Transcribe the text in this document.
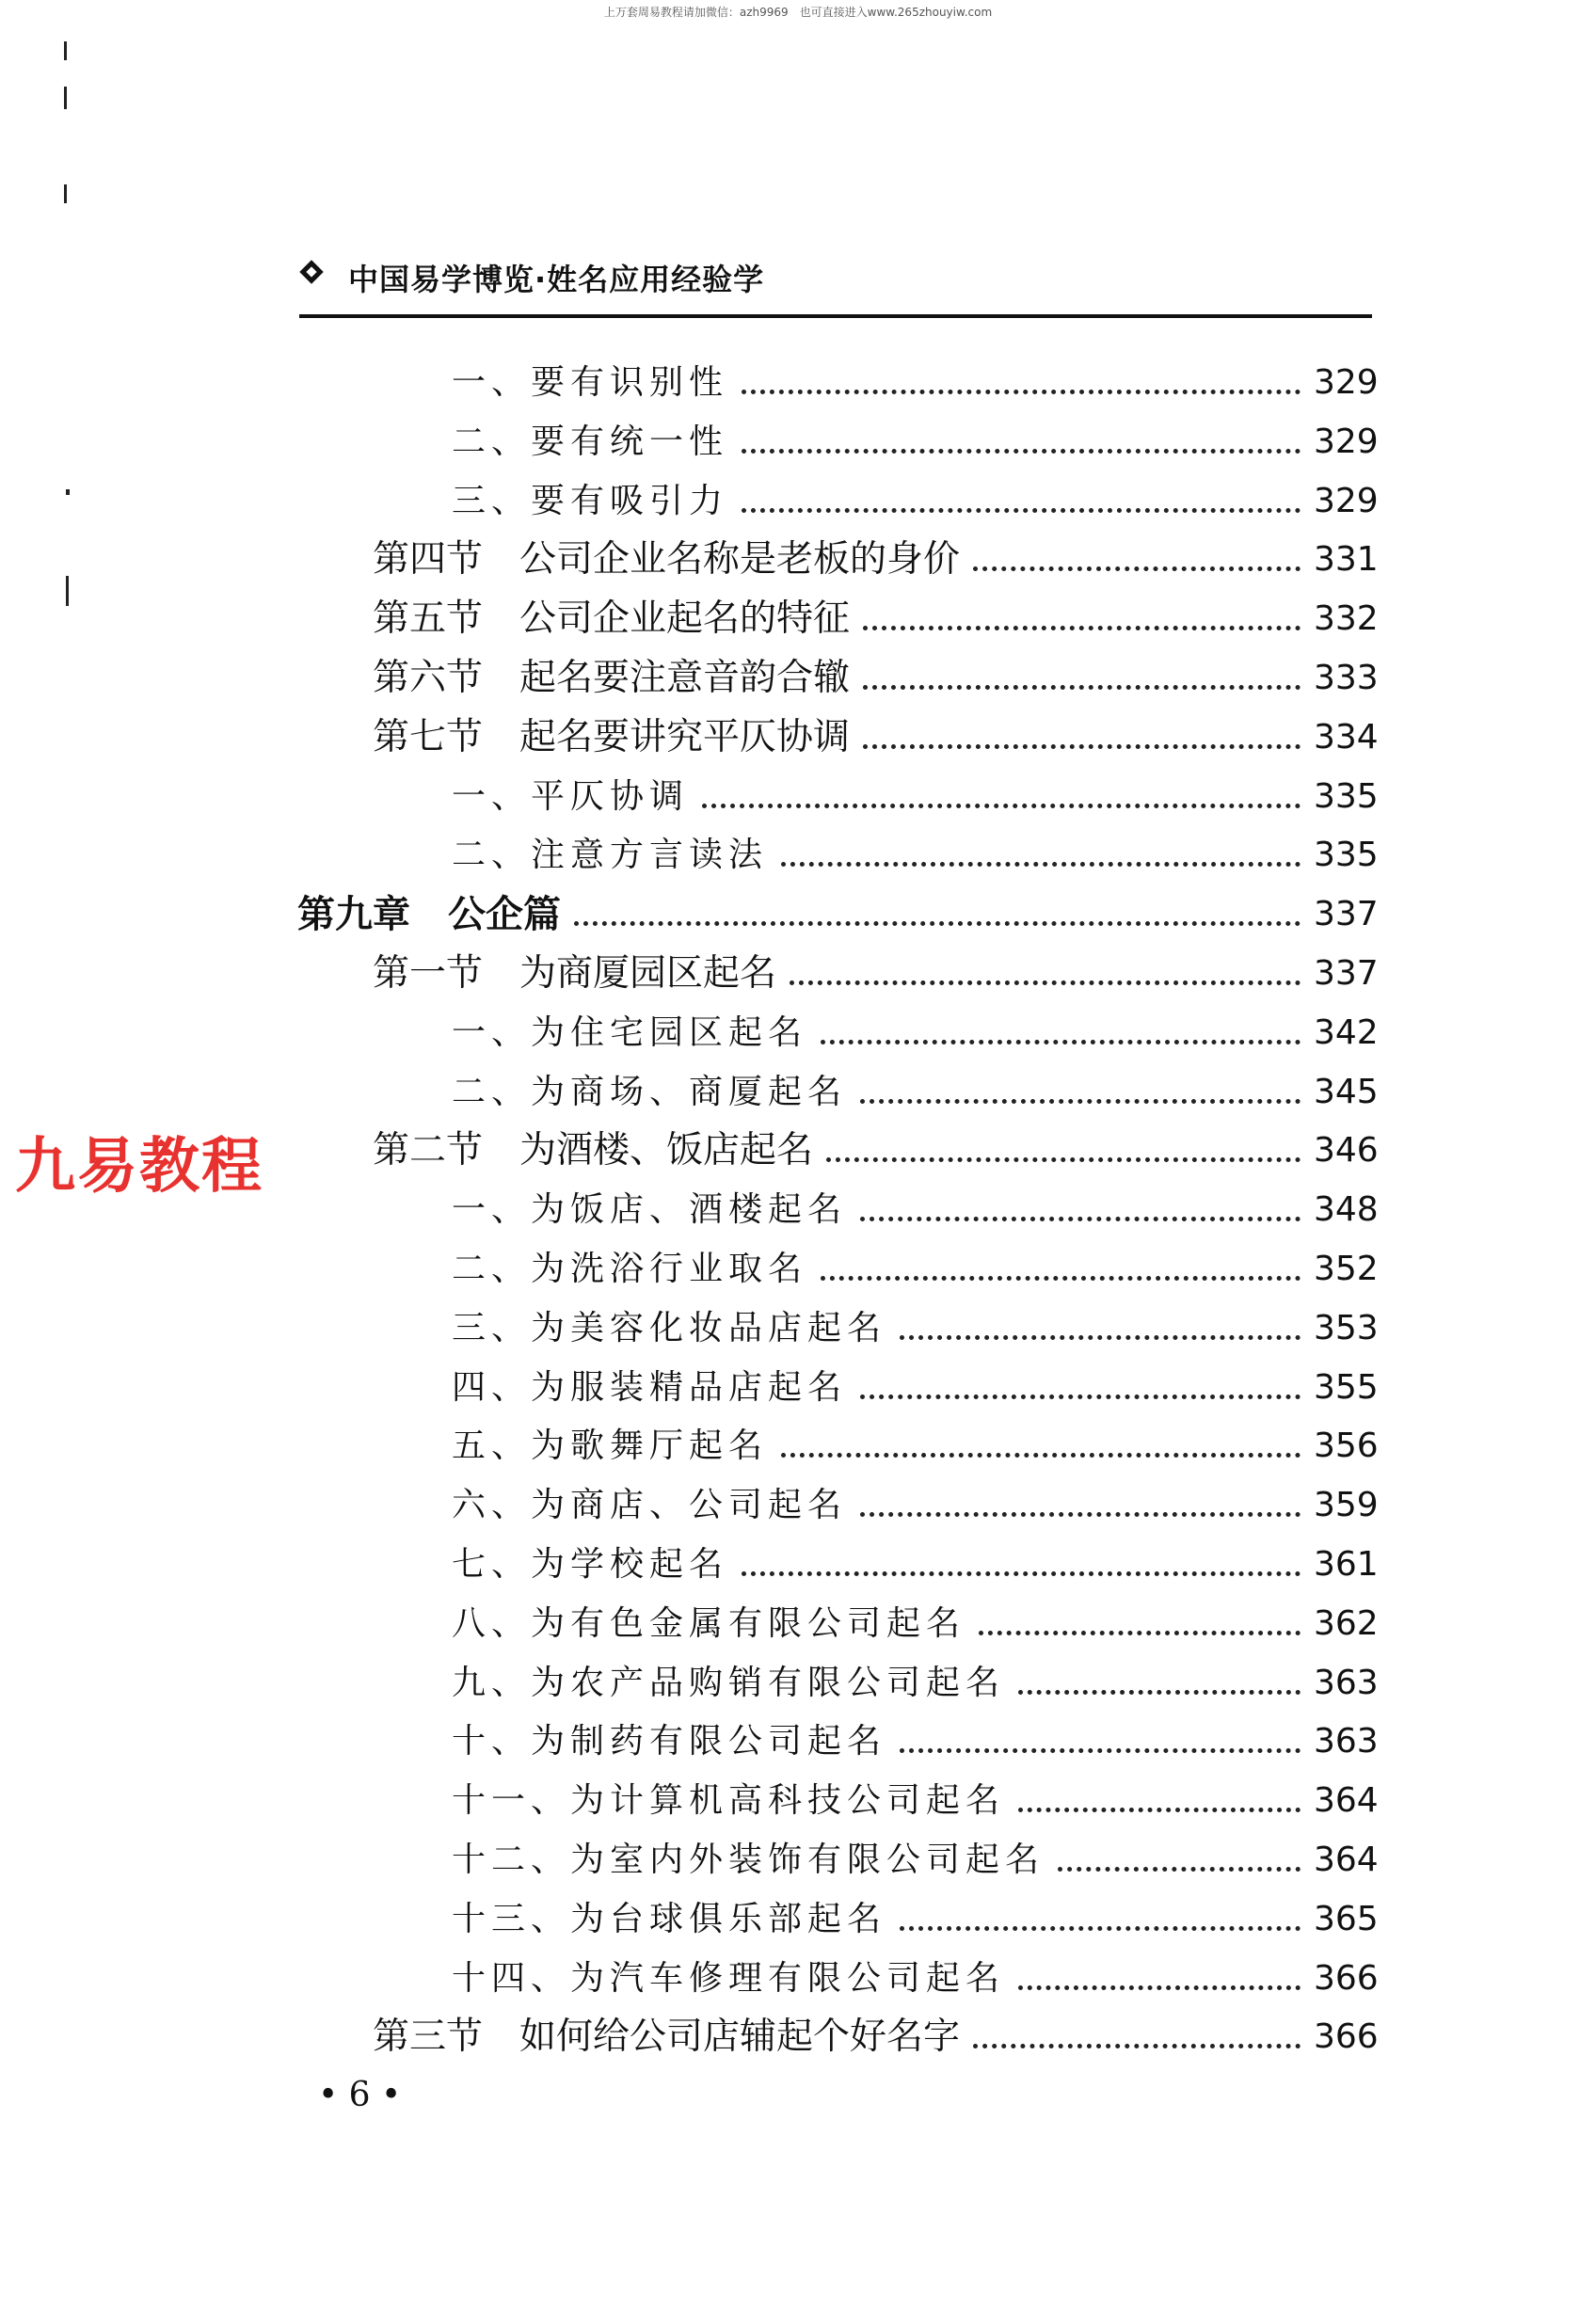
上万套周易教程请加微信：azh9969　也可直接进入www.265zhouyiw.com
中国易学博览·姓名应用经验学
一、要有识别性	329
二、要有统一性	329
三、要有吸引力	329
第四节　公司企业名称是老板的身价	331
第五节　公司企业起名的特征	332
第六节　起名要注意音韵合辙	333
第七节　起名要讲究平仄协调	334
一、平仄协调	335
二、注意方言读法	335
第九章　公企篇	337
第一节　为商厦园区起名	337
一、为住宅园区起名	342
二、为商场、商厦起名	345
第二节　为酒楼、饭店起名	346
一、为饭店、酒楼起名	348
二、为洗浴行业取名	352
三、为美容化妆品店起名	353
四、为服装精品店起名	355
五、为歌舞厅起名	356
六、为商店、公司起名	359
七、为学校起名	361
八、为有色金属有限公司起名	362
九、为农产品购销有限公司起名	363
十、为制药有限公司起名	363
十一、为计算机高科技公司起名	364
十二、为室内外装饰有限公司起名	364
十三、为台球俱乐部起名	365
十四、为汽车修理有限公司起名	366
第三节　如何给公司店辅起个好名字	366
九易教程
• 6 •
